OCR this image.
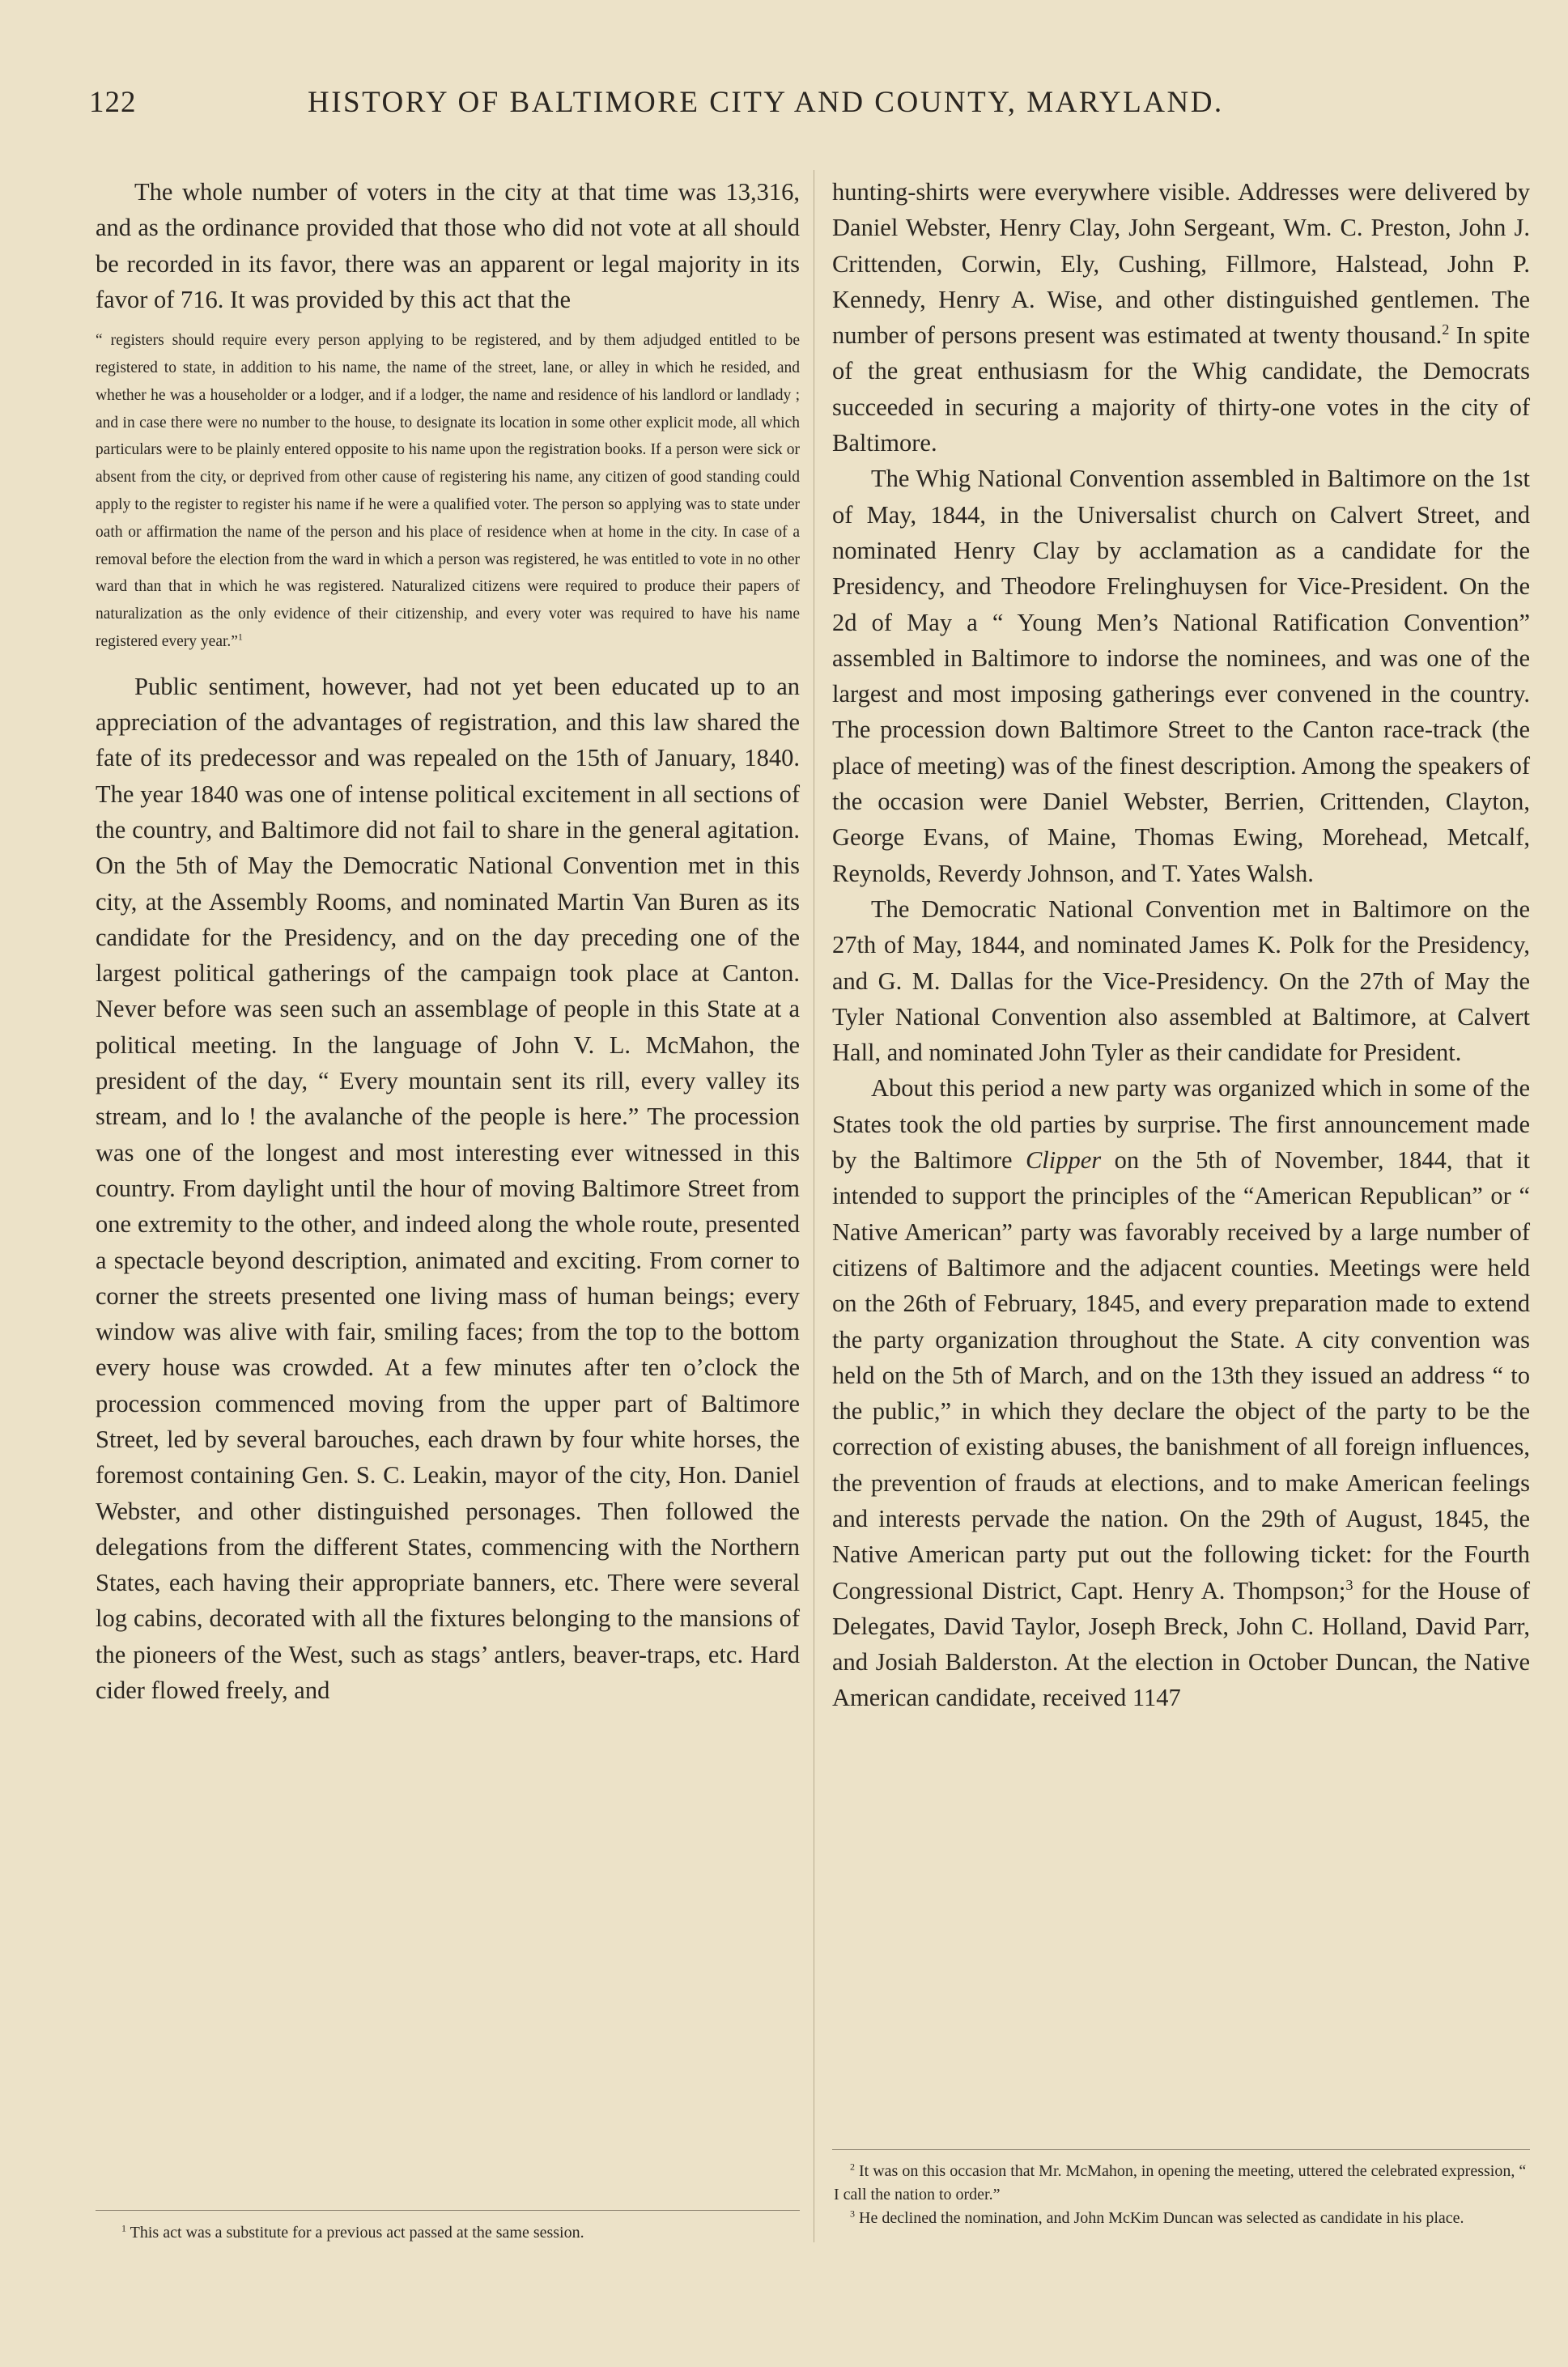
122	HISTORY OF BALTIMORE CITY AND COUNTY, MARYLAND.

The whole number of voters in the city at that time was 13,316, and as the ordinance provided that those who did not vote at all should be recorded in its favor, there was an apparent or legal majority in its favor of 716. It was provided by this act that the

“ registers should require every person applying to be registered, and by them adjudged entitled to be registered to state, in addition to his name, the name of the street, lane, or alley in which he resided, and whether he was a householder or a lodger, and if a lodger, the name and residence of his landlord or landlady ; and in case there were no number to the house, to designate its location in some other explicit mode, all which particulars were to be plainly entered opposite to his name upon the registration books. If a person were sick or absent from the city, or deprived from other cause of registering his name, any citizen of good standing could apply to the register to register his name if he were a qualified voter. The person so applying was to state under oath or affirmation the name of the person and his place of residence when at home in the city. In case of a removal before the election from the ward in which a person was registered, he was entitled to vote in no other ward than that in which he was registered. Naturalized citizens were required to produce their papers of naturalization as the only evidence of their citizenship, and every voter was required to have his name registered every year.”$^1$

Public sentiment, however, had not yet been educated up to an appreciation of the advantages of registration, and this law shared the fate of its predecessor and was repealed on the 15th of January, 1840. The year 1840 was one of intense political excitement in all sections of the country, and Baltimore did not fail to share in the general agitation. On the 5th of May the Democratic National Convention met in this city, at the Assembly Rooms, and nominated Martin Van Buren as its candidate for the Presidency, and on the day preceding one of the largest political gatherings of the campaign took place at Canton. Never before was seen such an assemblage of people in this State at a political meeting. In the language of John V. L. McMahon, the president of the day, “ Every mountain sent its rill, every valley its stream, and lo ! the avalanche of the people is here.” The procession was one of the longest and most interesting ever witnessed in this country. From daylight until the hour of moving Baltimore Street from one extremity to the other, and indeed along the whole route, presented a spectacle beyond description, animated and exciting. From corner to corner the streets presented one living mass of human beings; every window was alive with fair, smiling faces; from the top to the bottom every house was crowded. At a few minutes after ten o’clock the procession commenced moving from the upper part of Baltimore Street, led by several barouches, each drawn by four white horses, the foremost containing Gen. S. C. Leakin, mayor of the city, Hon. Daniel Webster, and other distinguished personages. Then followed the delegations from the different States, commencing with the Northern States, each having their appropriate banners, etc. There were several log cabins, decorated with all the fixtures belonging to the mansions of the pioneers of the West, such as stags’ antlers, beaver-traps, etc. Hard cider flowed freely, and

hunting-shirts were everywhere visible. Addresses were delivered by Daniel Webster, Henry Clay, John Sergeant, Wm. C. Preston, John J. Crittenden, Corwin, Ely, Cushing, Fillmore, Halstead, John P. Kennedy, Henry A. Wise, and other distinguished gentlemen. The number of persons present was estimated at twenty thousand.$^2$ In spite of the great enthusiasm for the Whig candidate, the Democrats succeeded in securing a majority of thirty-one votes in the city of Baltimore.

The Whig National Convention assembled in Baltimore on the 1st of May, 1844, in the Universalist church on Calvert Street, and nominated Henry Clay by acclamation as a candidate for the Presidency, and Theodore Frelinghuysen for Vice-President. On the 2d of May a “ Young Men’s National Ratification Convention” assembled in Baltimore to indorse the nominees, and was one of the largest and most imposing gatherings ever convened in the country. The procession down Baltimore Street to the Canton race-track (the place of meeting) was of the finest description. Among the speakers of the occasion were Daniel Webster, Berrien, Crittenden, Clayton, George Evans, of Maine, Thomas Ewing, Morehead, Metcalf, Reynolds, Reverdy Johnson, and T. Yates Walsh.

The Democratic National Convention met in Baltimore on the 27th of May, 1844, and nominated James K. Polk for the Presidency, and G. M. Dallas for the Vice-Presidency. On the 27th of May the Tyler National Convention also assembled at Baltimore, at Calvert Hall, and nominated John Tyler as their candidate for President.

About this period a new party was organized which in some of the States took the old parties by surprise. The first announcement made by the Baltimore Clipper on the 5th of November, 1844, that it intended to support the principles of the “American Republican” or “ Native American” party was favorably received by a large number of citizens of Baltimore and the adjacent counties. Meetings were held on the 26th of February, 1845, and every preparation made to extend the party organization throughout the State. A city convention was held on the 5th of March, and on the 13th they issued an address “ to the public,” in which they declare the object of the party to be the correction of existing abuses, the banishment of all foreign influences, the prevention of frauds at elections, and to make American feelings and interests pervade the nation. On the 29th of August, 1845, the Native American party put out the following ticket: for the Fourth Congressional District, Capt. Henry A. Thompson;$^3$ for the House of Delegates, David Taylor, Joseph Breck, John C. Holland, David Parr, and Josiah Balderston. At the election in October Duncan, the Native American candidate, received 1147

$^1$ This act was a substitute for a previous act passed at the same session.

$^2$ It was on this occasion that Mr. McMahon, in opening the meeting, uttered the celebrated expression, “ I call the nation to order.”

$^3$ He declined the nomination, and John McKim Duncan was selected as candidate in his place.
